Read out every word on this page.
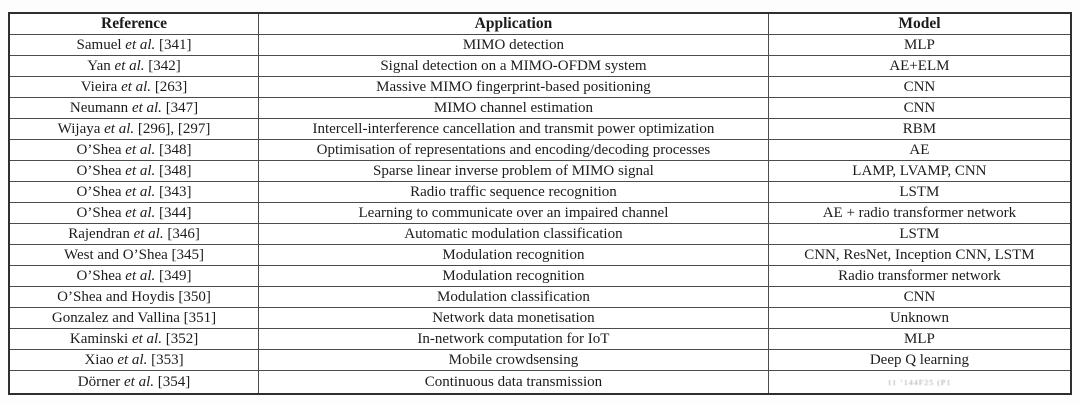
Reference	Application	Model
Samuel et al. [341]	MIMO detection	MLP
Yan et al. [342]	Signal detection on a MIMO-OFDM system	AE+ELM
Vieira et al. [263]	Massive MIMO fingerprint-based positioning	CNN
Neumann et al. [347]	MIMO channel estimation	CNN
Wijaya et al. [296], [297]	Intercell-interference cancellation and transmit power optimization	RBM
O’Shea et al. [348]	Optimisation of representations and encoding/decoding processes	AE
O’Shea et al. [348]	Sparse linear inverse problem of MIMO signal	LAMP, LVAMP, CNN
O’Shea et al. [343]	Radio traffic sequence recognition	LSTM
O’Shea et al. [344]	Learning to communicate over an impaired channel	AE + radio transformer network
Rajendran et al. [346]	Automatic modulation classification	LSTM
West and O’Shea [345]	Modulation recognition	CNN, ResNet, Inception CNN, LSTM
O’Shea et al. [349]	Modulation recognition	Radio transformer network
O’Shea and Hoydis [350]	Modulation classification	CNN
Gonzalez and Vallina [351]	Network data monetisation	Unknown
Kaminski et al. [352]	In-network computation for IoT	MLP
Xiao et al. [353]	Mobile crowdsensing	Deep Q learning
Dörner et al. [354]	Continuous data transmission	11 ’144F25 (P1
